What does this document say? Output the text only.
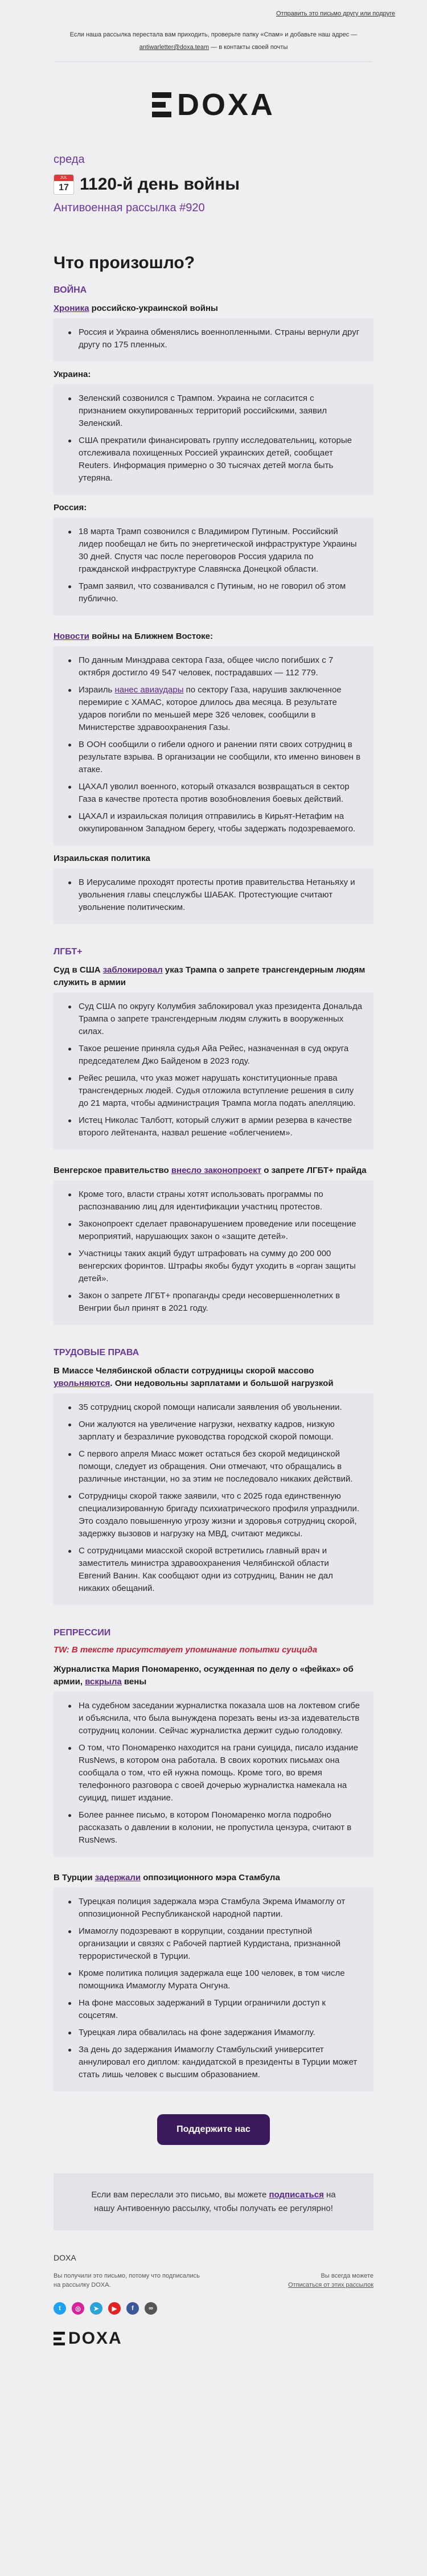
Отправить это письмо другу или подруге
Если наша рассылка перестала вам приходить, проверьте папку «Спам» и добавьте наш адрес — antiwarletter@doxa.team — в контакты своей почты
DOXA
среда
JUL
17 1120-й день войны
Антивоенная рассылка #920
Что произошло?
ВОЙНА
Хроника российско-украинской войны
Россия и Украина обменялись военнопленными. Страны вернули друг другу по 175 пленных.
Украина:
Зеленский созвонился с Трампом. Украина не согласится с признанием оккупированных территорий российскими, заявил Зеленский.
США прекратили финансировать группу исследовательниц, которые отслеживала похищенных Россией украинских детей, сообщает Reuters. Информация примерно о 30 тысячах детей могла быть утеряна.
Россия:
18 марта Трамп созвонился с Владимиром Путиным. Российский лидер пообещал не бить по энергетической инфраструктуре Украины 30 дней. Спустя час после переговоров Россия ударила по гражданской инфраструктуре Славянска Донецкой области.
Трамп заявил, что созванивался с Путиным, но не говорил об этом публично.
Новости войны на Ближнем Востоке:
По данным Минздрава сектора Газа, общее число погибших с 7 октября достигло 49 547 человек, пострадавших — 112 779.
Израиль нанес авиаудары по сектору Газа, нарушив заключенное перемирие с ХАМАС, которое длилось два месяца. В результате ударов погибли по меньшей мере 326 человек, сообщили в Министерстве здравоохранения Газы.
В ООН сообщили о гибели одного и ранении пяти своих сотрудниц в результате взрыва. В организации не сообщили, кто именно виновен в атаке.
ЦАХАЛ уволил военного, который отказался возвращаться в сектор Газа в качестве протеста против возобновления боевых действий.
ЦАХАЛ и израильская полиция отправились в Кирьят-Нетафим на оккупированном Западном берегу, чтобы задержать подозреваемого.
Израильская политика
В Иерусалиме проходят протесты против правительства Нетаньяху и увольнения главы спецслужбы ШАБАК. Протестующие считают увольнение политическим.
ЛГБТ+
Суд в США заблокировал указ Трампа о запрете трансгендерным людям служить в армии
Суд США по округу Колумбия заблокировал указ президента Дональда Трампа о запрете трансгендерным людям служить в вооруженных силах.
Такое решение приняла судья Айа Рейес, назначенная в суд округа председателем Джо Байденом в 2023 году.
Рейес решила, что указ может нарушать конституционные права трансгендерных людей. Судья отложила вступление решения в силу до 21 марта, чтобы администрация Трампа могла подать апелляцию.
Истец Николас Талботт, который служит в армии резерва в качестве второго лейтенанта, назвал решение «облегчением».
Венгерское правительство внесло законопроект о запрете ЛГБТ+ прайда
Кроме того, власти страны хотят использовать программы по распознаванию лиц для идентификации участниц протестов.
Законопроект сделает правонарушением проведение или посещение мероприятий, нарушающих закон о «защите детей».
Участницы таких акций будут штрафовать на сумму до 200 000 венгерских форинтов. Штрафы якобы будут уходить в «орган защиты детей».
Закон о запрете ЛГБТ+ пропаганды среди несовершеннолетних в Венгрии был принят в 2021 году.
ТРУДОВЫЕ ПРАВА
В Миассе Челябинской области сотрудницы скорой массово увольняются. Они недовольны зарплатами и большой нагрузкой
35 сотрудниц скорой помощи написали заявления об увольнении.
Они жалуются на увеличение нагрузки, нехватку кадров, низкую зарплату и безразличие руководства городской скорой помощи.
С первого апреля Миасс может остаться без скорой медицинской помощи, следует из обращения. Они отмечают, что обращались в различные инстанции, но за этим не последовало никаких действий.
Сотрудницы скорой также заявили, что с 2025 года единственную специализированную бригаду психиатрического профиля упразднили. Это создало повышенную угрозу жизни и здоровья сотрудниц скорой, задержку вызовов и нагрузку на МВД, считают медиксы.
С сотрудницами миасской скорой встретились главный врач и заместитель министра здравоохранения Челябинской области Евгений Ванин. Как сообщают одни из сотрудниц, Ванин не дал никаких обещаний.
РЕПРЕССИИ
TW: В тексте присутствует упоминание попытки суицида
Журналистка Мария Пономаренко, осужденная по делу о «фейках» об армии, вскрыла вены
На судебном заседании журналистка показала шов на локтевом сгибе и объяснила, что была вынуждена порезать вены из-за издевательств сотрудниц колонии. Сейчас журналистка держит судью голодовку.
О том, что Пономаренко находится на грани суицида, писало издание RusNews, в котором она работала. В своих коротких письмах она сообщала о том, что ей нужна помощь. Кроме того, во время телефонного разговора с своей дочерью журналистка намекала на суицид, пишет издание.
Более раннее письмо, в котором Пономаренко могла подробно рассказать о давлении в колонии, не пропустила цензура, считают в RusNews.
В Турции задержали оппозиционного мэра Стамбула
Турецкая полиция задержала мэра Стамбула Экрема Имамоглу от оппозиционной Республиканской народной партии.
Имамоглу подозревают в коррупции, создании преступной организации и связях с Рабочей партией Курдистана, признанной террористической в Турции.
Кроме политика полиция задержала еще 100 человек, в том числе помощника Имамоглу Мурата Онгуна.
На фоне массовых задержаний в Турции ограничили доступ к соцсетям.
Турецкая лира обвалилась на фоне задержания Имамоглу.
За день до задержания Имамоглу Стамбульский университет аннулировал его диплом: кандидатской в президенты в Турции может стать лишь человек с высшим образованием.
Поддержите нас
Если вам переслали это письмо, вы можете подписаться на нашу Антивоенную рассылку, чтобы получать ее регулярно!
DOXA
Вы получили это письмо, потому что подписались на рассылку DOXA.
Вы всегда можете
Отписаться от этих рассылок
t	◎	➤	▶	f	∞
DOXA
